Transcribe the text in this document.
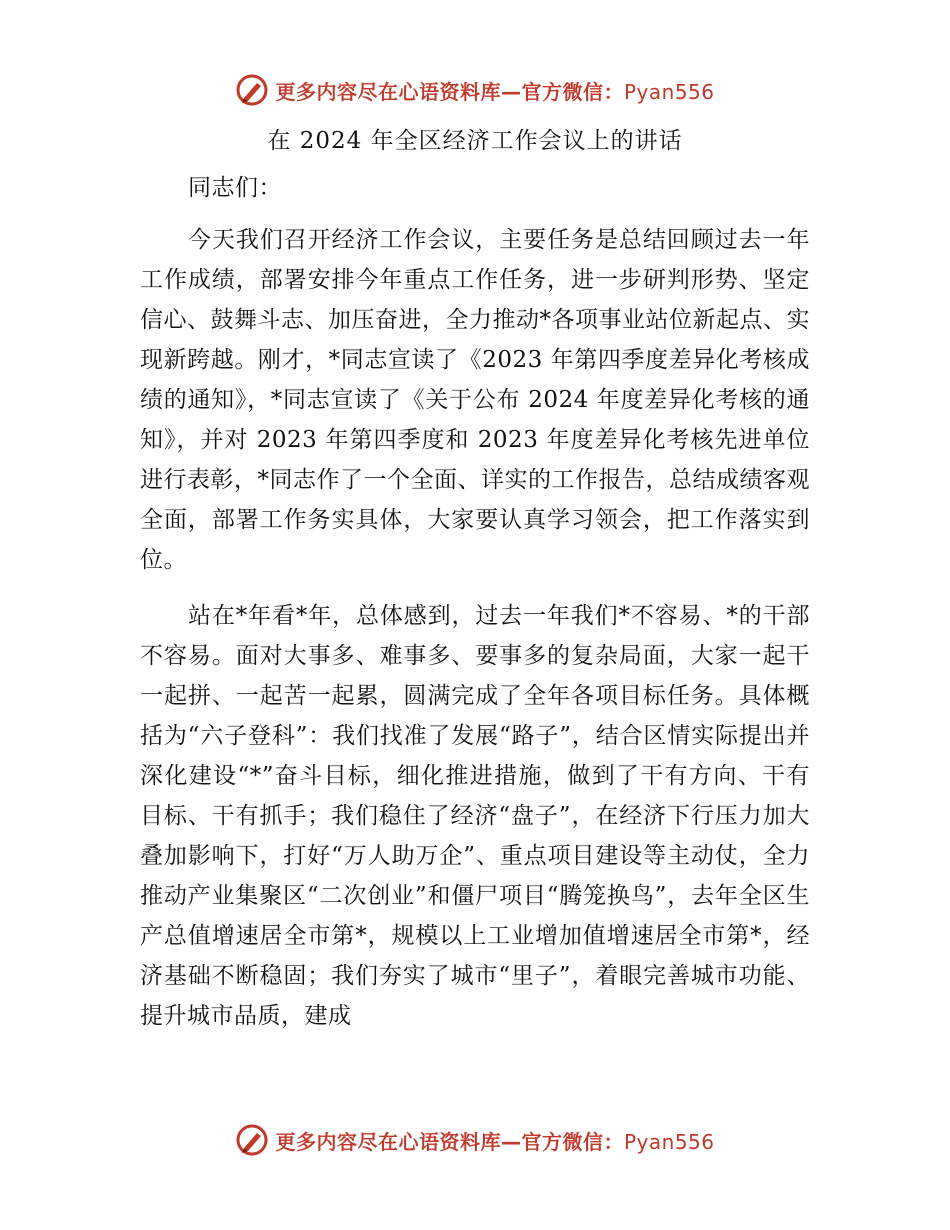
更多内容尽在心语资料库—官方微信：Pyan556
在 2024 年全区经济工作会议上的讲话

同志们：

今天我们召开经济工作会议，主要任务是总结回顾过去一年工作成绩，部署安排今年重点工作任务，进一步研判形势、坚定信心、鼓舞斗志、加压奋进，全力推动*各项事业站位新起点、实现新跨越。刚才，*同志宣读了《2023 年第四季度差异化考核成绩的通知》，*同志宣读了《关于公布 2024 年度差异化考核的通知》，并对 2023 年第四季度和 2023 年度差异化考核先进单位进行表彰，*同志作了一个全面、详实的工作报告，总结成绩客观全面，部署工作务实具体，大家要认真学习领会，把工作落实到位。

站在*年看*年，总体感到，过去一年我们*不容易、*的干部不容易。面对大事多、难事多、要事多的复杂局面，大家一起干一起拼、一起苦一起累，圆满完成了全年各项目标任务。具体概括为“六子登科”：我们找准了发展“路子”，结合区情实际提出并深化建设“*”奋斗目标，细化推进措施，做到了干有方向、干有目标、干有抓手；我们稳住了经济“盘子”，在经济下行压力加大叠加影响下，打好“万人助万企”、重点项目建设等主动仗，全力推动产业集聚区“二次创业”和僵尸项目“腾笼换鸟”，去年全区生产总值增速居全市第*，规模以上工业增加值增速居全市第*，经济基础不断稳固；我们夯实了城市“里子”，着眼完善城市功能、提升城市品质，建成

更多内容尽在心语资料库—官方微信：Pyan556
